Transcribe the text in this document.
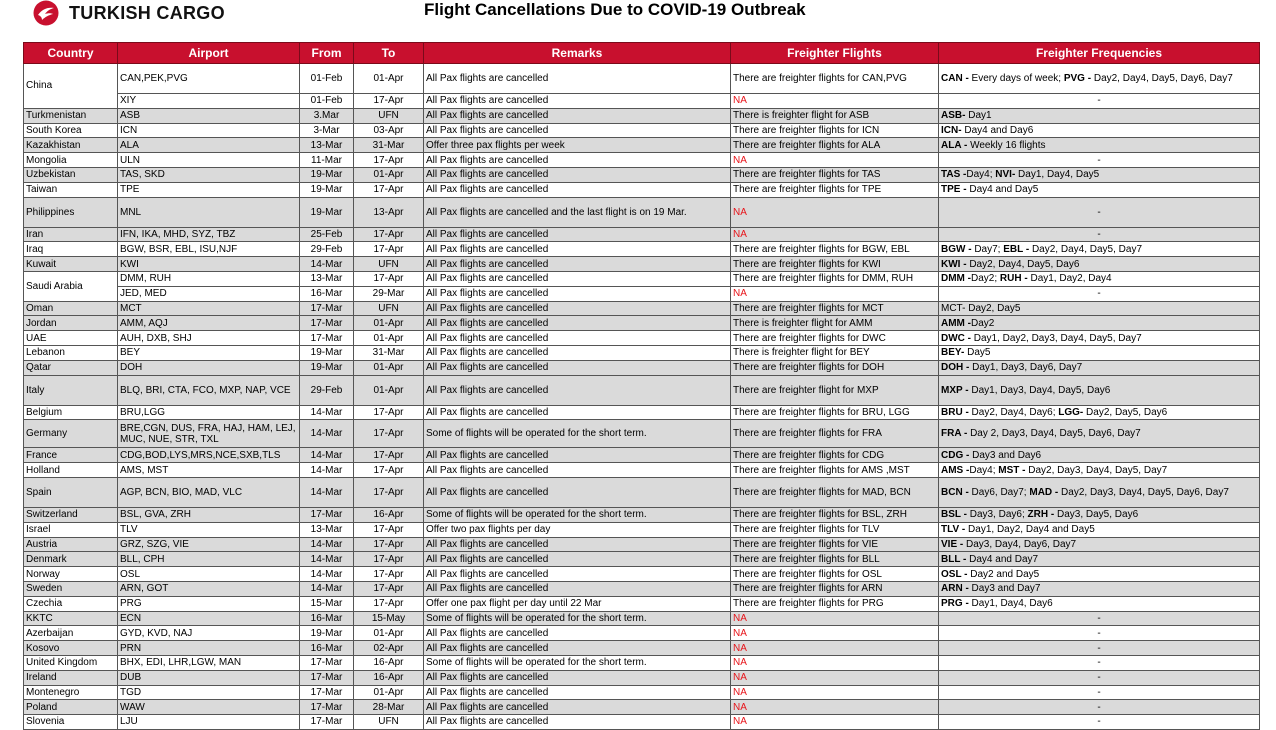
TURKISH CARGO	Flight Cancellations Due to COVID-19 Outbreak
Country	Airport	From	To	Remarks	Freighter Flights	Freighter Frequencies
China	CAN,PEK,PVG	01-Feb	01-Apr	All Pax flights are cancelled	There are freighter flights for CAN,PVG	CAN - Every days of week; PVG - Day2, Day4, Day5, Day6, Day7
	XIY	01-Feb	17-Apr	All Pax flights are cancelled	NA	-
Turkmenistan	ASB	3.Mar	UFN	All Pax flights are cancelled	There is freighter flight for ASB	ASB- Day1
South Korea	ICN	3-Mar	03-Apr	All Pax flights are cancelled	There are freighter flights for ICN	ICN- Day4 and Day6
Kazakhistan	ALA	13-Mar	31-Mar	Offer three pax flights per week	There are freighter flights for ALA	ALA - Weekly 16 flights
Mongolia	ULN	11-Mar	17-Apr	All Pax flights are cancelled	NA	-
Uzbekistan	TAS, SKD	19-Mar	01-Apr	All Pax flights are cancelled	There are freighter flights for TAS	TAS -Day4; NVI- Day1, Day4, Day5
Taiwan	TPE	19-Mar	17-Apr	All Pax flights are cancelled	There are freighter flights for TPE	TPE - Day4 and Day5
Philippines	MNL	19-Mar	13-Apr	All Pax flights are cancelled and the last flight is on 19 Mar.	NA	-
Iran	IFN, IKA, MHD, SYZ, TBZ	25-Feb	17-Apr	All Pax flights are cancelled	NA	-
Iraq	BGW, BSR, EBL, ISU,NJF	29-Feb	17-Apr	All Pax flights are cancelled	There are freighter flights for BGW, EBL	BGW - Day7; EBL - Day2, Day4, Day5, Day7
Kuwait	KWI	14-Mar	UFN	All Pax flights are cancelled	There are freighter flights for KWI	KWI - Day2, Day4, Day5, Day6
Saudi Arabia	DMM, RUH	13-Mar	17-Apr	All Pax flights are cancelled	There are freighter flights for DMM, RUH	DMM -Day2; RUH - Day1, Day2, Day4
	JED, MED	16-Mar	29-Mar	All Pax flights are cancelled	NA	-
Oman	MCT	17-Mar	UFN	All Pax flights are cancelled	There are freighter flights for MCT	MCT- Day2, Day5
Jordan	AMM, AQJ	17-Mar	01-Apr	All Pax flights are cancelled	There is freighter flight for AMM	AMM -Day2
UAE	AUH, DXB, SHJ	17-Mar	01-Apr	All Pax flights are cancelled	There are freighter flights for DWC	DWC - Day1, Day2, Day3, Day4, Day5, Day7
Lebanon	BEY	19-Mar	31-Mar	All Pax flights are cancelled	There is freighter flight for BEY	BEY- Day5
Qatar	DOH	19-Mar	01-Apr	All Pax flights are cancelled	There are freighter flights for DOH	DOH - Day1, Day3, Day6, Day7
Italy	BLQ, BRI, CTA, FCO, MXP, NAP, VCE	29-Feb	01-Apr	All Pax flights are cancelled	There are freighter flight for MXP	MXP - Day1, Day3, Day4, Day5, Day6
Belgium	BRU,LGG	14-Mar	17-Apr	All Pax flights are cancelled	There are freighter flights for BRU, LGG	BRU - Day2, Day4, Day6; LGG- Day2, Day5, Day6
Germany	BRE,CGN, DUS, FRA, HAJ, HAM, LEJ, MUC, NUE, STR, TXL	14-Mar	17-Apr	Some of flights will be operated for the short term.	There are freighter flights for FRA	FRA - Day 2, Day3, Day4, Day5, Day6, Day7
France	CDG,BOD,LYS,MRS,NCE,SXB,TLS	14-Mar	17-Apr	All Pax flights are cancelled	There are freighter flights for CDG	CDG - Day3 and Day6
Holland	AMS, MST	14-Mar	17-Apr	All Pax flights are cancelled	There are freighter flights for AMS ,MST	AMS -Day4; MST - Day2, Day3, Day4, Day5, Day7
Spain	AGP, BCN, BIO, MAD, VLC	14-Mar	17-Apr	All Pax flights are cancelled	There are freighter flights for MAD, BCN	BCN - Day6, Day7; MAD - Day2, Day3, Day4, Day5, Day6, Day7
Switzerland	BSL, GVA, ZRH	17-Mar	16-Apr	Some of flights will be operated for the short term.	There are freighter flights for BSL, ZRH	BSL - Day3, Day6; ZRH - Day3, Day5, Day6
Israel	TLV	13-Mar	17-Apr	Offer two pax flights per day	There are freighter flights for TLV	TLV - Day1, Day2, Day4 and Day5
Austria	GRZ, SZG, VIE	14-Mar	17-Apr	All Pax flights are cancelled	There are freighter flights for VIE	VIE - Day3, Day4, Day6, Day7
Denmark	BLL, CPH	14-Mar	17-Apr	All Pax flights are cancelled	There are freighter flights for BLL	BLL - Day4 and Day7
Norway	OSL	14-Mar	17-Apr	All Pax flights are cancelled	There are freighter flights for OSL	OSL - Day2 and Day5
Sweden	ARN, GOT	14-Mar	17-Apr	All Pax flights are cancelled	There are freighter flights for ARN	ARN - Day3 and Day7
Czechia	PRG	15-Mar	17-Apr	Offer one pax flight per day until 22 Mar	There are freighter flights for PRG	PRG - Day1, Day4, Day6
KKTC	ECN	16-Mar	15-May	Some of flights will be operated for the short term.	NA	-
Azerbaijan	GYD, KVD, NAJ	19-Mar	01-Apr	All Pax flights are cancelled	NA	-
Kosovo	PRN	16-Mar	02-Apr	All Pax flights are cancelled	NA	-
United Kingdom	BHX, EDI, LHR,LGW, MAN	17-Mar	16-Apr	Some of flights will be operated for the short term.	NA	-
Ireland	DUB	17-Mar	16-Apr	All Pax flights are cancelled	NA	-
Montenegro	TGD	17-Mar	01-Apr	All Pax flights are cancelled	NA	-
Poland	WAW	17-Mar	28-Mar	All Pax flights are cancelled	NA	-
Slovenia	LJU	17-Mar	UFN	All Pax flights are cancelled	NA	-
